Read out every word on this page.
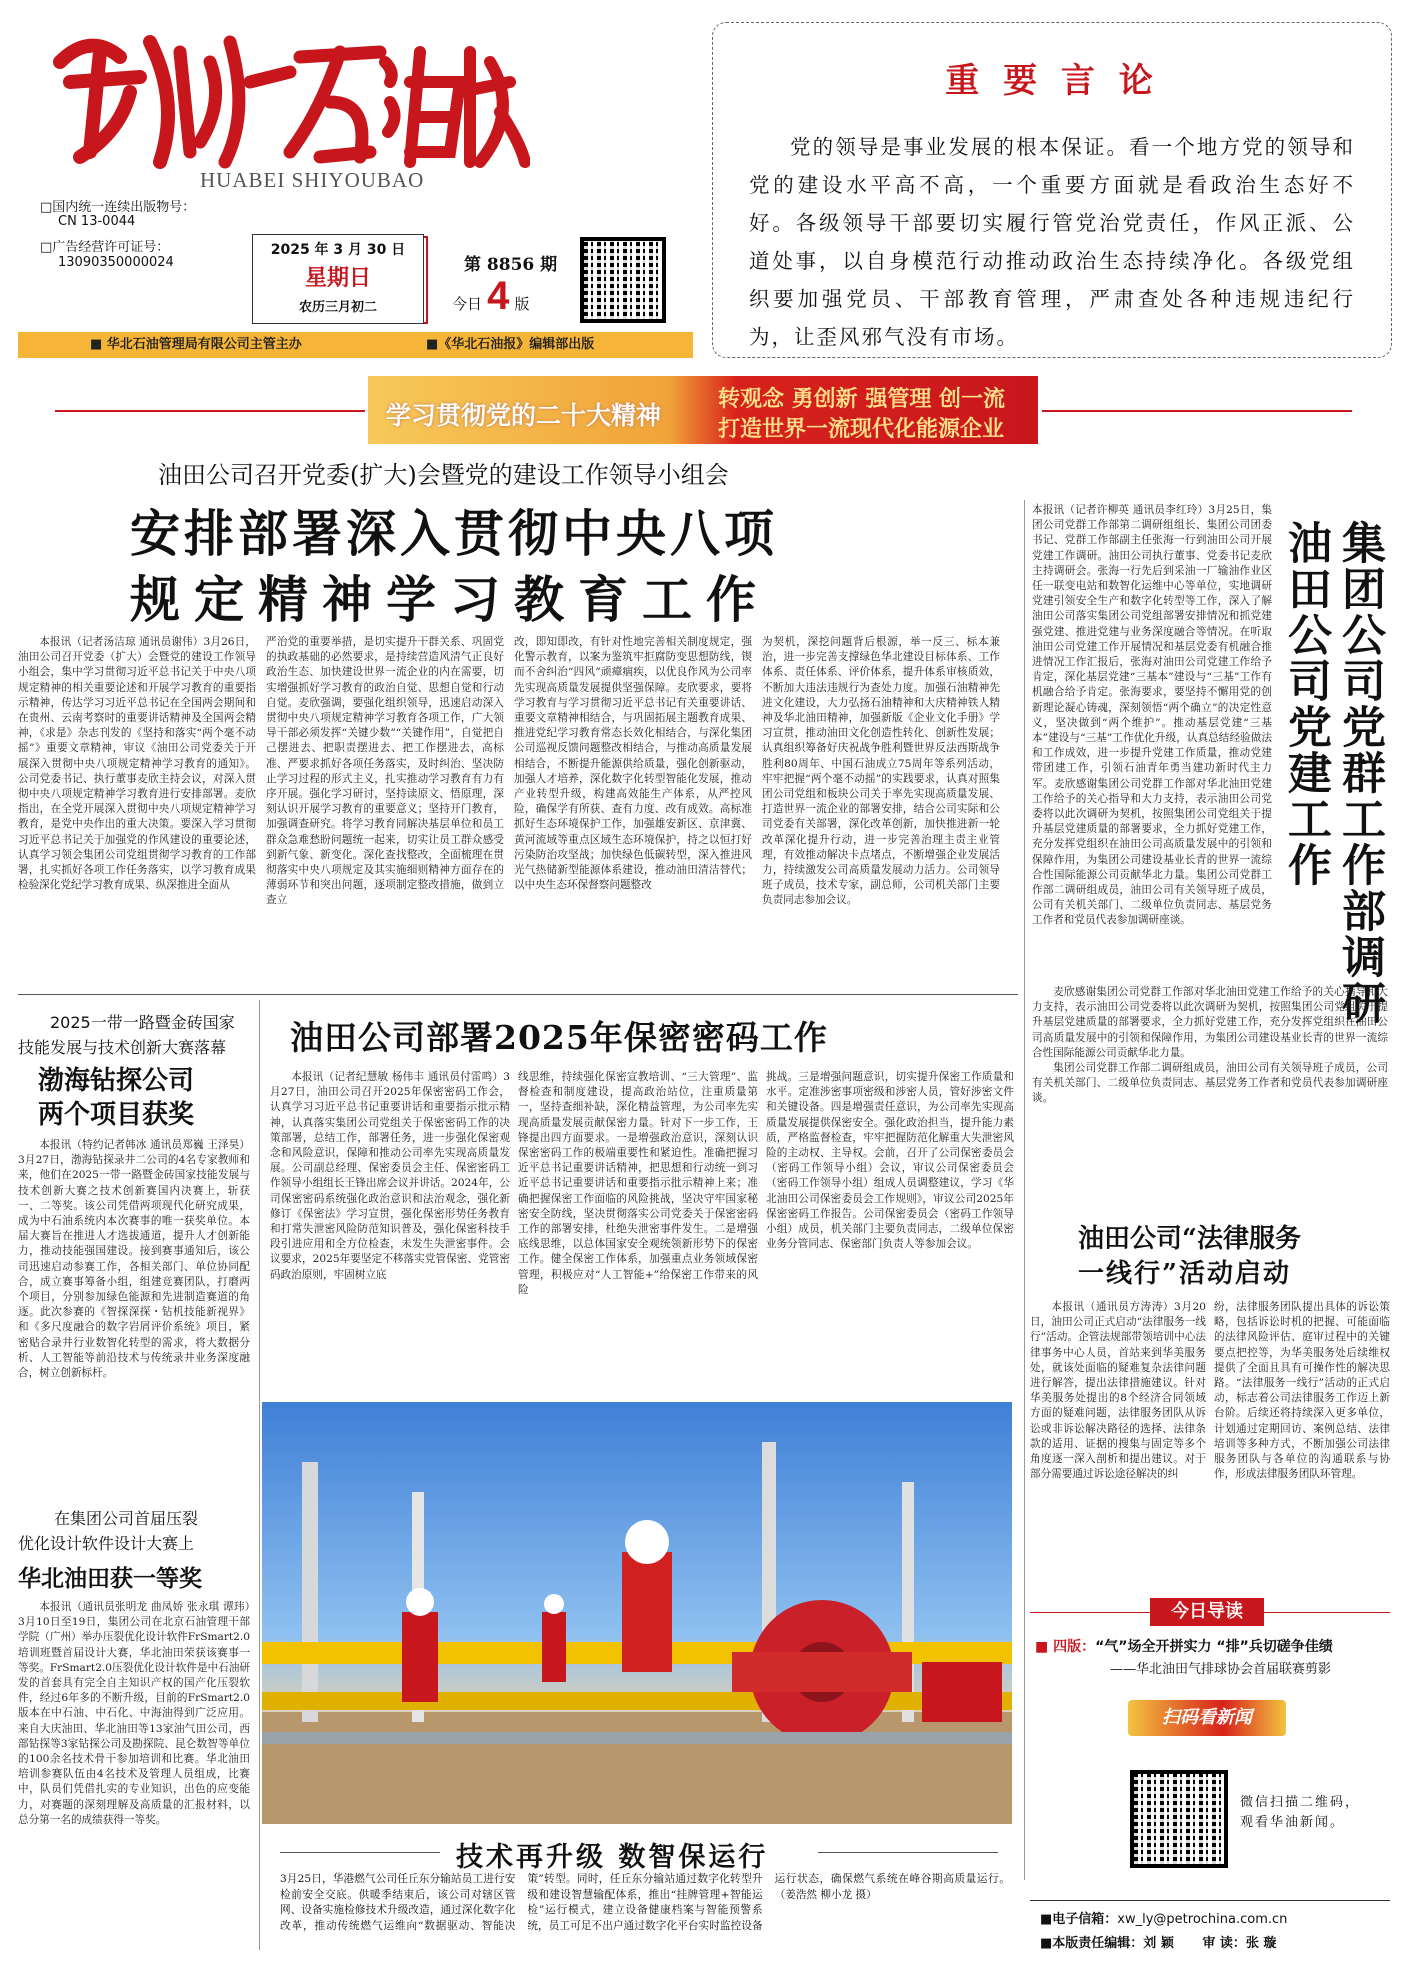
HUABEI SHIYOUBAO
□国内统一连续出版物号：
CN 13-0044
□广告经营许可证号：
13090350000024
2025 年 3 月 30 日
星期日
农历三月初二
第 8856 期
今日 4 版
■ 华北石油管理局有限公司主管主办	■《华北石油报》编辑部出版
重 要 言 论
党的领导是事业发展的根本保证。看一个地方党的领导和党的建设水平高不高，一个重要方面就是看政治生态好不好。各级领导干部要切实履行管党治党责任，作风正派、公道处事，以自身模范行动推动政治生态持续净化。各级党组织要加强党员、干部教育管理，严肃查处各种违规违纪行为，让歪风邪气没有市场。
学习贯彻党的二十大精神
转观念 勇创新 强管理 创一流
打造世界一流现代化能源企业
油田公司召开党委(扩大)会暨党的建设工作领导小组会
安排部署深入贯彻中央八项
规定精神学习教育工作
本报讯（记者汤洁琼 通讯员谢伟）3月26日，油田公司召开党委（扩大）会暨党的建设工作领导小组会，集中学习贯彻习近平总书记关于中央八项规定精神的相关重要论述和开展学习教育的重要指示精神，传达学习习近平总书记在全国两会期间和在贵州、云南考察时的重要讲话精神及全国两会精神，《求是》杂志刊发的《坚持和落实“两个毫不动摇”》重要文章精神，审议《油田公司党委关于开展深入贯彻中央八项规定精神学习教育的通知》。公司党委书记、执行董事麦欣主持会议，对深入贯彻中央八项规定精神学习教育进行安排部署。麦欣指出，在全党开展深入贯彻中央八项规定精神学习教育，是党中央作出的重大决策。要深入学习贯彻习近平总书记关于加强党的作风建设的重要论述，认真学习领会集团公司党组贯彻学习教育的工作部署，扎实抓好各项工作任务落实，以学习教育成果检验深化党纪学习教育成果、纵深推进全面从
严治党的重要举措，是切实提升干群关系、巩固党的执政基础的必然要求，是持续营造风清气正良好政治生态、加快建设世界一流企业的内在需要，切实增强抓好学习教育的政治自觉、思想自觉和行动自觉。麦欣强调，要强化组织领导，迅速启动深入贯彻中央八项规定精神学习教育各项工作，广大领导干部必须发挥“关键少数”“关键作用”，自觉把自己摆进去、把职责摆进去、把工作摆进去，高标准、严要求抓好各项任务落实，及时纠治、坚决防止学习过程的形式主义，扎实推动学习教育有力有序开展。强化学习研讨，坚持读原文、悟原理，深刻认识开展学习教育的重要意义；坚持开门教育，加强调查研究。将学习教育同解决基层单位和员工群众急难愁盼问题统一起来，切实让员工群众感受到新气象、新变化。深化查找整改，全面梳理在贯彻落实中央八项规定及其实施细则精神方面存在的薄弱环节和突出问题，逐项制定整改措施，做到立查立
改，即知即改，有针对性地完善相关制度规定，强化警示教育，以案为鉴筑牢拒腐防变思想防线，锲而不舍纠治“四风”顽瘴痼疾，以优良作风为公司率先实现高质量发展提供坚强保障。麦欣要求，要将学习教育与学习贯彻习近平总书记有关重要讲话、重要文章精神相结合，与巩固拓展主题教育成果、推进党纪学习教育常态长效化相结合，与深化集团公司巡视反馈问题整改相结合，与推动高质量发展相结合，不断提升能源供给质量，强化创新驱动，加强人才培养，深化数字化转型智能化发展，推动产业转型升级，构建高效能生产体系，从严控风险，确保学有所获、查有力度、改有成效。高标准抓好生态环境保护工作，加强雄安新区、京津冀、黄河流域等重点区域生态环境保护，持之以恒打好污染防治攻坚战；加快绿色低碳转型，深入推进风光气热储新型能源体系建设，推动油田清洁替代；以中央生态环保督察问题整改
为契机，深挖问题背后根源，举一反三、标本兼治，进一步完善支撑绿色华北建设目标体系、工作体系、责任体系、评价体系，提升体系审核质效，不断加大违法违规行为查处力度。加强石油精神先进文化建设，大力弘扬石油精神和大庆精神铁人精神及华北油田精神，加强新版《企业文化手册》学习宣贯，推动油田文化创造性转化、创新性发展；认真组织筹备好庆祝战争胜利暨世界反法西斯战争胜利80周年、中国石油成立75周年等系列活动，牢牢把握“两个毫不动摇”的实践要求，认真对照集团公司党组和板块公司关于率先实现高质量发展、打造世界一流企业的部署安排，结合公司实际和公司党委有关部署，深化改革创新，加快推进新一轮改革深化提升行动，进一步完善治理主责主业管理，有效推动解决卡点堵点，不断增强企业发展活力，持续激发公司高质量发展动力活力。公司领导班子成员，技术专家，副总师，公司机关部门主要负责同志参加会议。
本报讯（记者许柳英 通讯员李红玲）3月25日，集团公司党群工作部第二调研组组长、集团公司团委书记、党群工作部副主任张海一行到油田公司开展党建工作调研。油田公司执行董事、党委书记麦欣主持调研会。张海一行先后到采油一厂输油作业区任一联变电站和数智化运维中心等单位，实地调研党建引领安全生产和数字化转型等工作，深入了解油田公司落实集团公司党组部署安排情况和抓党建强党建、推进党建与业务深度融合等情况。在听取油田公司党建工作开展情况和基层党委有机融合推进情况工作汇报后，张海对油田公司党建工作给予肯定，深化基层党建“三基本”建设与“三基”工作有机融合给予肯定。张海要求，要坚持不懈用党的创新理论凝心铸魂，深刻领悟“两个确立”的决定性意义，坚决做到“两个维护”。推动基层党建“三基本”建设与“三基”工作优化升级，认真总结经验做法和工作成效，进一步提升党建工作质量，推动党建带团建工作，引领石油青年勇当建功新时代主力军。麦欣感谢集团公司党群工作部对华北油田党建工作给予的关心指导和大力支持，表示油田公司党委将以此次调研为契机，按照集团公司党组关于提升基层党建质量的部署要求，全力抓好党建工作，充分发挥党组织在油田公司高质量发展中的引领和保障作用，为集团公司建设基业长青的世界一流综合性国际能源公司贡献华北力量。集团公司党群工作部二调研组成员，油田公司有关领导班子成员，公司有关机关部门、二级单位负责同志、基层党务工作者和党员代表参加调研座谈。	集团公司党群工作部调研油田公司党建工作

麦欣感谢集团公司党群工作部对华北油田党建工作给予的关心指导和大力支持，表示油田公司党委将以此次调研为契机，按照集团公司党组关于提升基层党建质量的部署要求，全力抓好党建工作，充分发挥党组织在油田公司高质量发展中的引领和保障作用，为集团公司建设基业长青的世界一流综合性国际能源公司贡献华北力量。

集团公司党群工作部二调研组成员，油田公司有关领导班子成员，公司有关机关部门、二级单位负责同志、基层党务工作者和党员代表参加调研座谈。

2025一带一路暨金砖国家
技能发展与技术创新大赛落幕
渤海钻探公司
两个项目获奖
本报讯（特约记者韩冰 通讯员郑巍 王泽昊）3月27日，渤海钻探录井二公司的4名专家教师和来，他们在2025一带一路暨金砖国家技能发展与技术创新大赛之技术创新赛国内决赛上，斩获一、二等奖。该公司凭借两项现代化研究成果，成为中石油系统内本次赛事的唯一获奖单位。本届大赛旨在推进人才选拔通道，提升人才创新能力，推动技能强国建设。接到赛事通知后，该公司迅速启动参赛工作，各相关部门、单位协同配合，成立赛事筹备小组，组建竞赛团队，打磨两个项目，分别参加绿色能源和先进制造赛道的角逐。此次参赛的《智探深探・钻机技能新视界》和《多尺度融合的数字岩屑评价系统》项目，紧密贴合录井行业数智化转型的需求，将大数据分析、人工智能等前沿技术与传统录井业务深度融合，树立创新标杆。
在集团公司首届压裂
优化设计软件设计大赛上
华北油田获一等奖
本报讯（通讯员张明龙 曲凤娇 张永琪 谭玮）3月10日至19日，集团公司在北京石油管理干部学院（广州）举办压裂优化设计软件FrSmart2.0培训班暨首届设计大赛，华北油田荣获该赛事一等奖。FrSmart2.0压裂优化设计软件是中石油研发的首套具有完全自主知识产权的国产化压裂软件，经过6年多的不断升级，目前的FrSmart2.0版本在中石油、中石化、中海油得到广泛应用。来自大庆油田、华北油田等13家油气田公司，西部钻探等3家钻探公司及勘探院、昆仑数智等单位的100余名技术骨干参加培训和比赛。华北油田培训参赛队伍由4名技术及管理人员组成，比赛中，队员们凭借扎实的专业知识，出色的应变能力，对赛题的深刻理解及高质量的汇报材料，以总分第一名的成绩获得一等奖。
油田公司部署2025年保密密码工作
本报讯（记者纪慧敏 杨伟丰 通讯员付雷鸣）3月27日，油田公司召开2025年保密密码工作会，认真学习习近平总书记重要讲话和重要指示批示精神，认真落实集团公司党组关于保密密码工作的决策部署，总结工作，部署任务，进一步强化保密观念和风险意识，保障和推动公司率先实现高质量发展。公司副总经理、保密委员会主任、保密密码工作领导小组组长王锋出席会议并讲话。2024年，公司保密密码系统强化政治意识和法治观念，强化新修订《保密法》学习宣贯，强化保密形势任务教育和打常失泄密风险防范知识普及，强化保密科技手段引进应用和全方位检查，未发生失泄密事件。会议要求，2025年要坚定不移落实党管保密、党管密码政治原则，牢固树立底
线思维，持续强化保密宣教培训、“三大管理”、监督检查和制度建设，提高政治站位，注重质量第一，坚持查细补缺，深化精益管理，为公司率先实现高质量发展贡献保密力量。针对下一步工作，王锋提出四方面要求。一是增强政治意识，深刻认识保密密码工作的极端重要性和紧迫性。准确把握习近平总书记重要讲话精神，把思想和行动统一到习近平总书记重要讲话和重要指示批示精神上来；准确把握保密工作面临的风险挑战，坚决守牢国家秘密安全防线，坚决贯彻落实公司党委关于保密密码工作的部署安排，杜绝失泄密事件发生。二是增强底线思维，以总体国家安全观统领新形势下的保密工作。健全保密工作体系，加强重点业务领域保密管理，积极应对“人工智能+”给保密工作带来的风险
挑战。三是增强问题意识，切实提升保密工作质量和水平。定准涉密事项密级和涉密人员，管好涉密文件和关键设备。四是增强责任意识，为公司率先实现高质量发展提供保密安全。强化政治担当，提升能力素质，严格监督检查，牢牢把握防范化解重大失泄密风险的主动权、主导权。会前，召开了公司保密委员会（密码工作领导小组）会议，审议公司保密委员会（密码工作领导小组）组成人员调整建议，学习《华北油田公司保密委员会工作规则》，审议公司2025年保密密码工作报告。公司保密委员会（密码工作领导小组）成员，机关部门主要负责同志，二级单位保密业务分管同志、保密部门负责人等参加会议。	油田公司“法律服务
一线行”活动启动
本报讯（通讯员方涛涛）3月20日，油田公司正式启动“法律服务一线行”活动。企管法规部带领培训中心法律事务中心人员，首站来到华美服务处，就该处面临的疑难复杂法律问题进行解答，提出法律措施建议。针对华美服务处提出的8个经济合同领域方面的疑难问题，法律服务团队从诉讼或非诉讼解决路径的选择、法律条款的适用、证据的搜集与固定等多个角度逐一深入剖析和提出建议。对于部分需要通过诉讼途径解决的纠
纷，法律服务团队提出具体的诉讼策略，包括诉讼时机的把握、可能面临的法律风险评估、庭审过程中的关键要点把控等，为华美服务处后续维权提供了全面且具有可操作性的解决思路。“法律服务一线行”活动的正式启动，标志着公司法律服务工作迈上新台阶。后续还将持续深入更多单位，计划通过定期回访、案例总结、法律培训等多种方式，不断加强公司法律服务团队与各单位的沟通联系与协作，形成法律服务团队环管理。
技术再升级 数智保运行
3月25日，华港燃气公司任丘东分输站员工进行安检前安全交底。供暖季结束后，该公司对辖区管网、设备实施检修技术升级改造，通过深化数字化改革，推动传统燃气运维向“数据驱动、智能决策”转型。同时，任丘东分输站通过数字化转型升级和建设智慧输配体系，推出“挂牌管理+智能运检”运行模式，建立设备健康档案与智能预警系统，员工可足不出户通过数字化平台实时监控设备运行状态，确保燃气系统在峰谷期高质量运行。（姜浩然 柳小龙 摄）
今日导读
■ 四版：“气”场全开拼实力 “排”兵切磋争佳绩
——华北油田气排球协会首届联赛剪影
扫码看新闻
微信扫描二维码，观看华油新闻。
■电子信箱：xw_ly@petrochina.com.cn
■本版责任编辑：刘 颖 审 读：张 璇
